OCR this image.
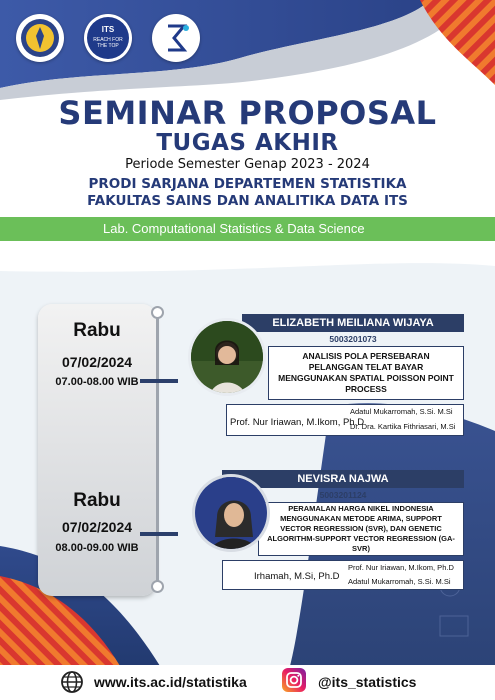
ITS
REACH FOR
THE TOP
SEMINAR PROPOSAL
TUGAS AKHIR
Periode Semester Genap 2023 - 2024
PRODI SARJANA DEPARTEMEN STATISTIKA
FAKULTAS SAINS DAN ANALITIKA DATA ITS
Lab. Computational Statistics & Data Science
Rabu
07/02/2024
07.00-08.00 WIB
ELIZABETH MEILIANA WIJAYA
5003201073
ANALISIS POLA PERSEBARAN PELANGGAN TELAT BAYAR MENGGUNAKAN SPATIAL POISSON POINT PROCESS
Prof. Nur Iriawan, M.Ikom, Ph.D
Adatul Mukarromah, S.Si. M.Si
Dr. Dra. Kartika Fithriasari, M.Si
Rabu
07/02/2024
08.00-09.00 WIB
NEVISRA NAJWA
5003201124
PERAMALAN HARGA NIKEL INDONESIA MENGGUNAKAN METODE ARIMA, SUPPORT VECTOR REGRESSION (SVR), DAN GENETIC ALGORITHM-SUPPORT VECTOR REGRESSION (GA-SVR)
Irhamah, M.Si, Ph.D
Prof. Nur Iriawan, M.Ikom, Ph.D
Adatul Mukarromah, S.Si. M.Si
www.its.ac.id/statistika	@its_statistics
